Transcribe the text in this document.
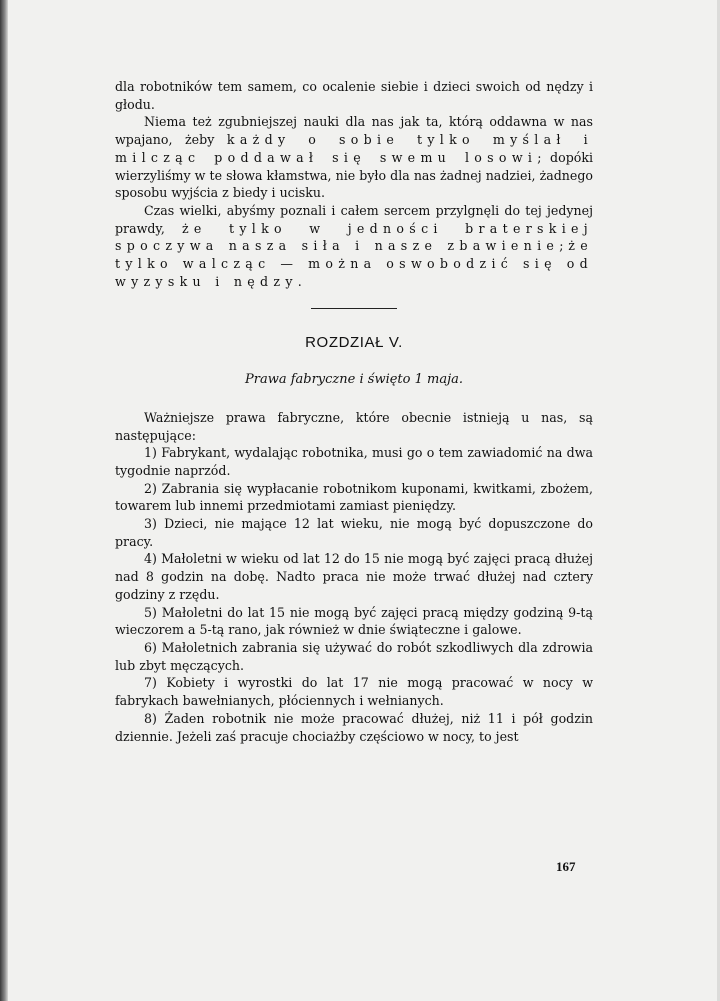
dla robotników tem samem, co ocalenie siebie i dzieci swoich od nędzy i głodu.

Niema też zgubniejszej nauki dla nas jak ta, którą oddawna w nas wpajano, żeby każdy o sobie tylko myślał i milcząc poddawał się swemu losowi; dopóki wierzyliśmy w te słowa kłamstwa, nie było dla nas żadnej nadziei, żadnego sposobu wyjścia z biedy i ucisku.

Czas wielki, abyśmy poznali i całem sercem przylgnęli do tej jedynej prawdy, że tylko w jedności braterskiej spoczywa nasza siła i nasze zbawienie; że tylko walcząc — można oswobodzić się od wyzysku i nędzy.

ROZDZIAŁ V.
Prawa fabryczne i święto 1 maja.

Ważniejsze prawa fabryczne, które obecnie istnieją u nas, są następujące:

1) Fabrykant, wydalając robotnika, musi go o tem zawiadomić na dwa tygodnie naprzód.

2) Zabrania się wypłacanie robotnikom kuponami, kwitkami, zbożem, towarem lub innemi przedmiotami zamiast pieniędzy.

3) Dzieci, nie mające 12 lat wieku, nie mogą być dopuszczone do pracy.

4) Małoletni w wieku od lat 12 do 15 nie mogą być zajęci pracą dłużej nad 8 godzin na dobę. Nadto praca nie może trwać dłużej nad cztery godziny z rzędu.

5) Małoletni do lat 15 nie mogą być zajęci pracą między godziną 9-tą wieczorem a 5-tą rano, jak również w dnie świąteczne i galowe.

6) Małoletnich zabrania się używać do robót szkodliwych dla zdrowia lub zbyt męczących.

7) Kobiety i wyrostki do lat 17 nie mogą pracować w nocy w fabrykach bawełnianych, płóciennych i wełnianych.

8) Żaden robotnik nie może pracować dłużej, niż 11 i pół godzin dziennie. Jeżeli zaś pracuje chociażby częściowo w nocy, to jest

167
